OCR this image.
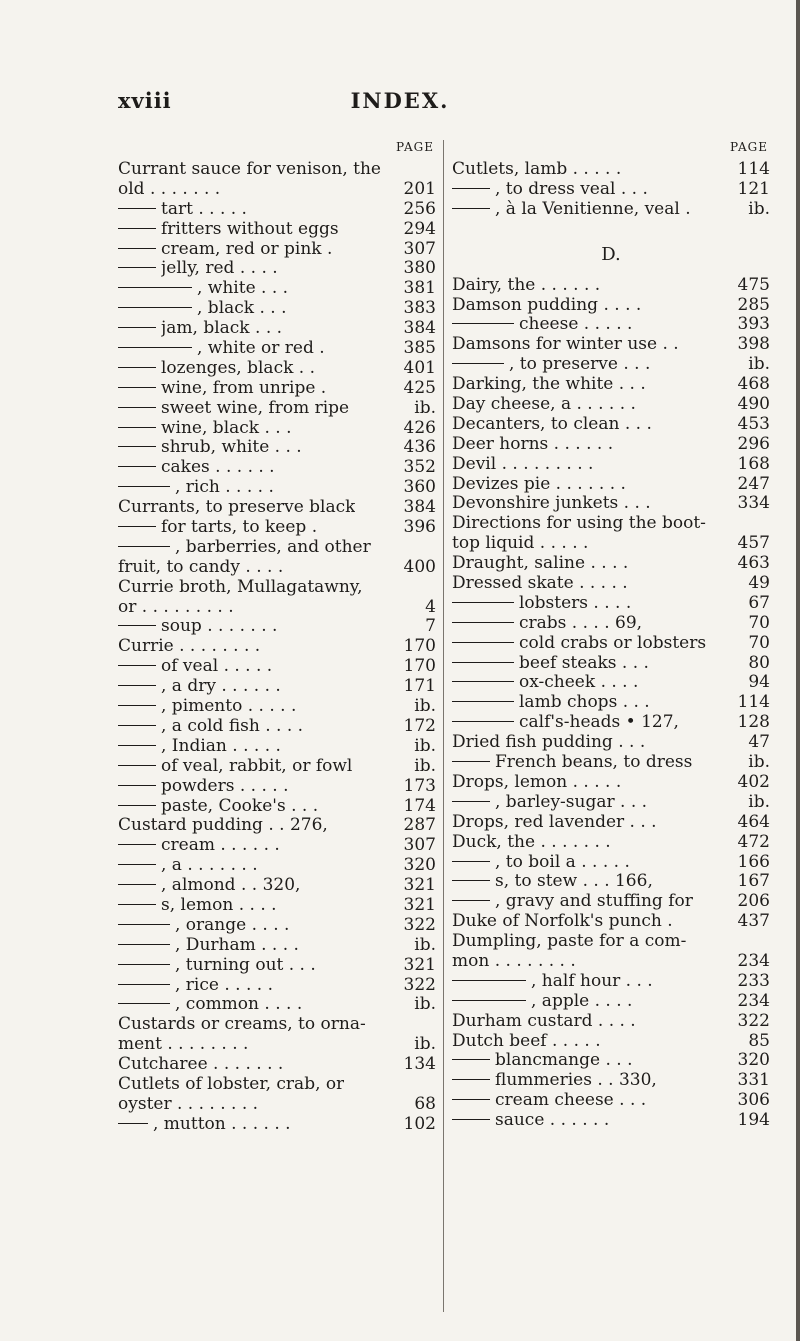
xviii	INDEX.
PAGE
Currant sauce for venison, the
old . . . . . . .	201
tart . . . . .	256
fritters without eggs	294
cream, red or pink .	307
jelly, red . . . .	380
, white . . .	381
, black . . .	383
jam, black . . .	384
, white or red .	385
lozenges, black . .	401
wine, from unripe .	425
sweet wine, from ripe	ib.
wine, black . . .	426
shrub, white . . .	436
cakes . . . . . .	352
, rich . . . . .	360
Currants, to preserve black	384
for tarts, to keep .	396
, barberries, and other
fruit, to candy . . . .	400
Currie broth, Mullagatawny,
or . . . . . . . . .	4
soup . . . . . . .	7
Currie . . . . . . . .	170
of veal . . . . .	170
, a dry . . . . . .	171
, pimento . . . . .	ib.
, a cold fish . . . .	172
, Indian . . . . .	ib.
of veal, rabbit, or fowl	ib.
powders . . . . .	173
paste, Cooke's . . .	174
Custard pudding . . 276,	287
cream . . . . . .	307
, a . . . . . . .	320
, almond . . 320,	321
s, lemon . . . .	321
, orange . . . .	322
, Durham . . . .	ib.
, turning out . . .	321
, rice . . . . .	322
, common . . . .	ib.
Custards or creams, to orna-
ment . . . . . . . .	ib.
Cutcharee . . . . . . .	134
Cutlets of lobster, crab, or
oyster . . . . . . . .	68
, mutton . . . . . .	102
PAGE
Cutlets, lamb . . . . .	114
, to dress veal . . .	121
, à la Venitienne, veal .	ib.
D.
Dairy, the . . . . . .	475
Damson pudding . . . .	285
cheese . . . . .	393
Damsons for winter use . .	398
, to preserve . . .	ib.
Darking, the white . . .	468
Day cheese, a . . . . . .	490
Decanters, to clean . . .	453
Deer horns . . . . . .	296
Devil . . . . . . . . .	168
Devizes pie . . . . . . .	247
Devonshire junkets . . .	334
Directions for using the boot-
top liquid . . . . .	457
Draught, saline . . . .	463
Dressed skate . . . . .	49
lobsters . . . .	67
crabs . . . . 69,	70
cold crabs or lobsters	70
beef steaks . . .	80
ox-cheek . . . .	94
lamb chops . . .	114
calf's-heads • 127,	128
Dried fish pudding . . .	47
French beans, to dress	ib.
Drops, lemon . . . . .	402
, barley-sugar . . .	ib.
Drops, red lavender . . .	464
Duck, the . . . . . . .	472
, to boil a . . . . .	166
s, to stew . . . 166,	167
, gravy and stuffing for	206
Duke of Norfolk's punch .	437
Dumpling, paste for a com-
mon . . . . . . . .	234
, half hour . . .	233
, apple . . . .	234
Durham custard . . . .	322
Dutch beef . . . . .	85
blancmange . . .	320
flummeries . . 330,	331
cream cheese . . .	306
sauce . . . . . .	194
